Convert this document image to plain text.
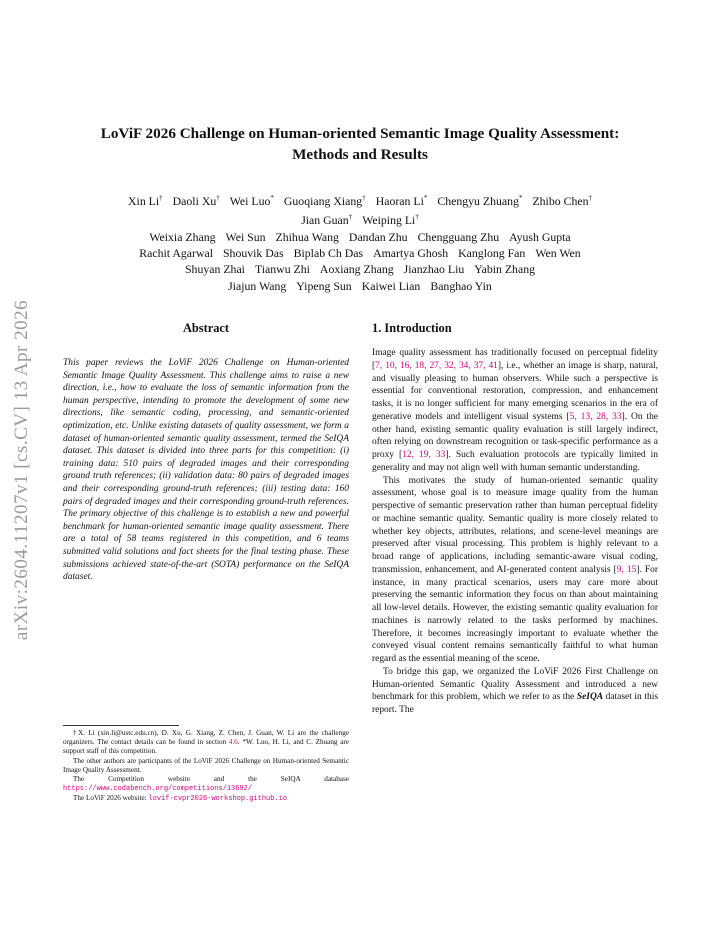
arXiv:2604.11207v1 [cs.CV] 13 Apr 2026
LoViF 2026 Challenge on Human-oriented Semantic Image Quality Assessment:
Methods and Results
Xin Li† Daoli Xu† Wei Luo* Guoqiang Xiang† Haoran Li* Chengyu Zhuang* Zhibo Chen†
Jian Guan† Weiping Li†
Weixia Zhang Wei Sun Zhihua Wang Dandan Zhu Chengguang Zhu Ayush Gupta
Rachit Agarwal Shouvik Das Biplab Ch Das Amartya Ghosh Kanglong Fan Wen Wen
Shuyan Zhai Tianwu Zhi Aoxiang Zhang Jianzhao Liu Yabin Zhang
Jiajun Wang Yipeng Sun Kaiwei Lian Banghao Yin
Abstract
This paper reviews the LoViF 2026 Challenge on Human-oriented Semantic Image Quality Assessment. This challenge aims to raise a new direction, i.e., how to evaluate the loss of semantic information from the human perspective, intending to promote the development of some new directions, like semantic coding, processing, and semantic-oriented optimization, etc. Unlike existing datasets of quality assessment, we form a dataset of human-oriented semantic quality assessment, termed the SeIQA dataset. This dataset is divided into three parts for this competition: (i) training data: 510 pairs of degraded images and their corresponding ground truth references; (ii) validation data: 80 pairs of degraded images and their corresponding ground-truth references; (iii) testing data: 160 pairs of degraded images and their corresponding ground-truth references. The primary objective of this challenge is to establish a new and powerful benchmark for human-oriented semantic image quality assessment. There are a total of 58 teams registered in this competition, and 6 teams submitted valid solutions and fact sheets for the final testing phase. These submissions achieved state-of-the-art (SOTA) performance on the SeIQA dataset.

†X. Li (xin.li@ustc.edu.cn), D. Xu, G. Xiang, Z. Chen, J. Guan, W. Li are the challenge organizers. The contact details can be found in section 4.6. *W. Luo, H. Li, and C. Zhuang are support staff of this competition.

The other authors are participants of the LoViF 2026 Challenge on Human-oriented Semantic Image Quality Assessment.

The Competition website and the SeIQA database https://www.codabench.org/competitions/13692/

The LoViF 2026 website: lovif-cvpr2026-workshop.github.io

1. Introduction

Image quality assessment has traditionally focused on perceptual fidelity [7, 10, 16, 18, 27, 32, 34, 37, 41], i.e., whether an image is sharp, natural, and visually pleasing to human observers. While such a perspective is essential for conventional restoration, compression, and enhancement tasks, it is no longer sufficient for many emerging scenarios in the era of generative models and intelligent visual systems [5, 13, 28, 33]. On the other hand, existing semantic quality evaluation is still largely indirect, often relying on downstream recognition or task-specific performance as a proxy [12, 19, 33]. Such evaluation protocols are typically limited in generality and may not align well with human semantic understanding.

This motivates the study of human-oriented semantic quality assessment, whose goal is to measure image quality from the human perspective of semantic preservation rather than human perceptual fidelity or machine semantic quality. Semantic quality is more closely related to whether key objects, attributes, relations, and scene-level meanings are preserved after visual processing. This problem is highly relevant to a broad range of applications, including semantic-aware visual coding, transmission, enhancement, and AI-generated content analysis [9, 15]. For instance, in many practical scenarios, users may care more about preserving the semantic information they focus on than about maintaining all low-level details. However, the existing semantic quality evaluation for machines is narrowly related to the tasks performed by machines. Therefore, it becomes increasingly important to evaluate whether the conveyed visual content remains semantically faithful to what human regard as the essential meaning of the scene.

To bridge this gap, we organized the LoViF 2026 First Challenge on Human-oriented Semantic Quality Assessment and introduced a new benchmark for this problem, which we refer to as the SeIQA dataset in this report. The
